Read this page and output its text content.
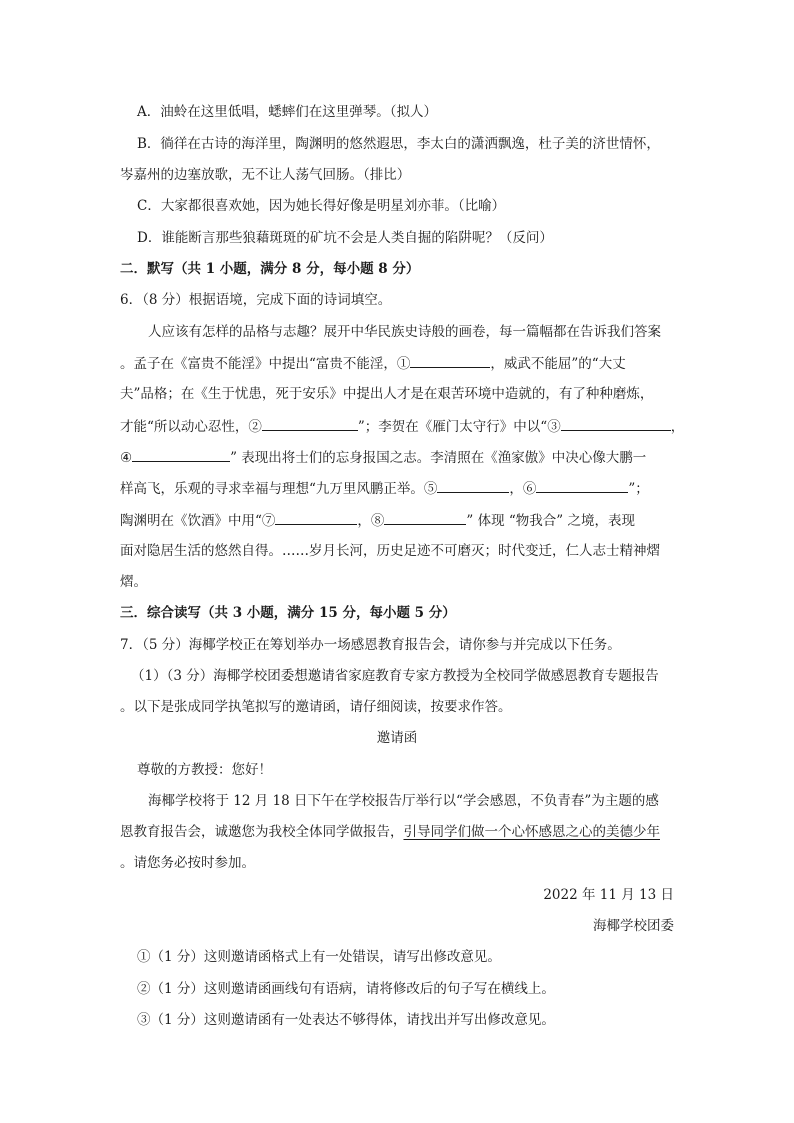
A．油蛉在这里低唱，蟋蟀们在这里弹琴。（拟人）
B．徜徉在古诗的海洋里，陶渊明的悠然遐思，李太白的潇洒飘逸，杜子美的济世情怀，
岑嘉州的边塞放歌，无不让人荡气回肠。（排比）
C．大家都很喜欢她，因为她长得好像是明星刘亦菲。（比喻）
D．谁能断言那些狼藉斑斑的矿坑不会是人类自掘的陷阱呢？（反问）
二．默写（共 1 小题，满分 8 分，每小题 8 分）
6．（8 分）根据语境，完成下面的诗词填空。
人应该有怎样的品格与志趣？展开中华民族史诗般的画卷，每一篇幅都在告诉我们答案
。孟子在《富贵不能淫》中提出“富贵不能淫，①	，威武不能屈”的“大丈
夫”品格；在《生于忧患，死于安乐》中提出人才是在艰苦环境中造就的，有了种种磨炼，
才能“所以动心忍性，②	”；李贺在《雁门太守行》中以“③	，
④	” 表现出将士们的忘身报国之志。李清照在《渔家傲》中决心像大鹏一
样高飞，乐观的寻求幸福与理想“九万里风鹏正举。⑤	，⑥	”；
陶渊明在《饮酒》中用“⑦	，⑧	” 体现 “物我合” 之境，表现
面对隐居生活的悠然自得。……岁月长河，历史足迹不可磨灭；时代变迁，仁人志士精神熠
熠。
三．综合读写（共 3 小题，满分 15 分，每小题 5 分）
7．（5 分）海椰学校正在筹划举办一场感恩教育报告会，请你参与并完成以下任务。
（1）（3 分）海椰学校团委想邀请省家庭教育专家方教授为全校同学做感恩教育专题报告
。以下是张成同学执笔拟写的邀请函，请仔细阅读，按要求作答。
邀请函
尊敬的方教授：您好！
海椰学校将于 12 月 18 日下午在学校报告厅举行以“学会感恩，不负青春”为主题的感
恩教育报告会，诚邀您为我校全体同学做报告，引导同学们做一个心怀感恩之心的美德少年
。请您务必按时参加。
2022 年 11 月 13 日
海椰学校团委
①（1 分）这则邀请函格式上有一处错误，请写出修改意见。
②（1 分）这则邀请函画线句有语病，请将修改后的句子写在横线上。
③（1 分）这则邀请函有一处表达不够得体，请找出并写出修改意见。
